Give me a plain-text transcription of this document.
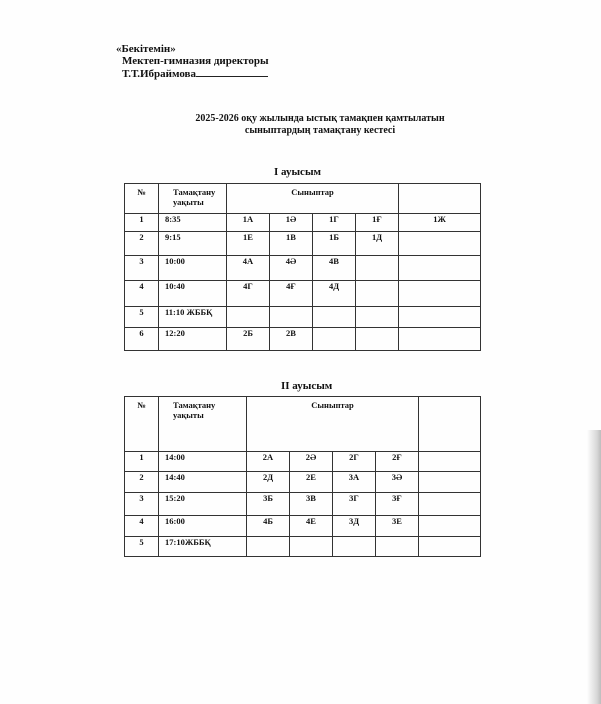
«Бекітемін»
Мектеп-гимназия директоры
Т.Т.Ибраймова
2025-2026 оқу жылында ыстық тамақпен қамтылатын
сыныптардың тамақтану кестесі
I ауысым
№	Тамақтану уақыты	Сыныптар				
1	8:35	1А	1Ә	1Г	1Ғ	1Ж
2	9:15	1Е	1В	1Б	1Д	
3	10:00	4А	4Ә	4В		
4	10:40	4Г	4Ғ	4Д		
5	11:10 ЖББҚ					
6	12:20	2Б	2В			
II ауысым
№	Тамақтану уақыты	Сыныптар				
1	14:00	2А	2Ә	2Г	2Ғ	
2	14:40	2Д	2Е	3А	3Ә	
3	15:20	3Б	3В	3Г	3Ғ	
4	16:00	4Б	4Е	3Д	3Е	
5	17:10ЖББҚ					
